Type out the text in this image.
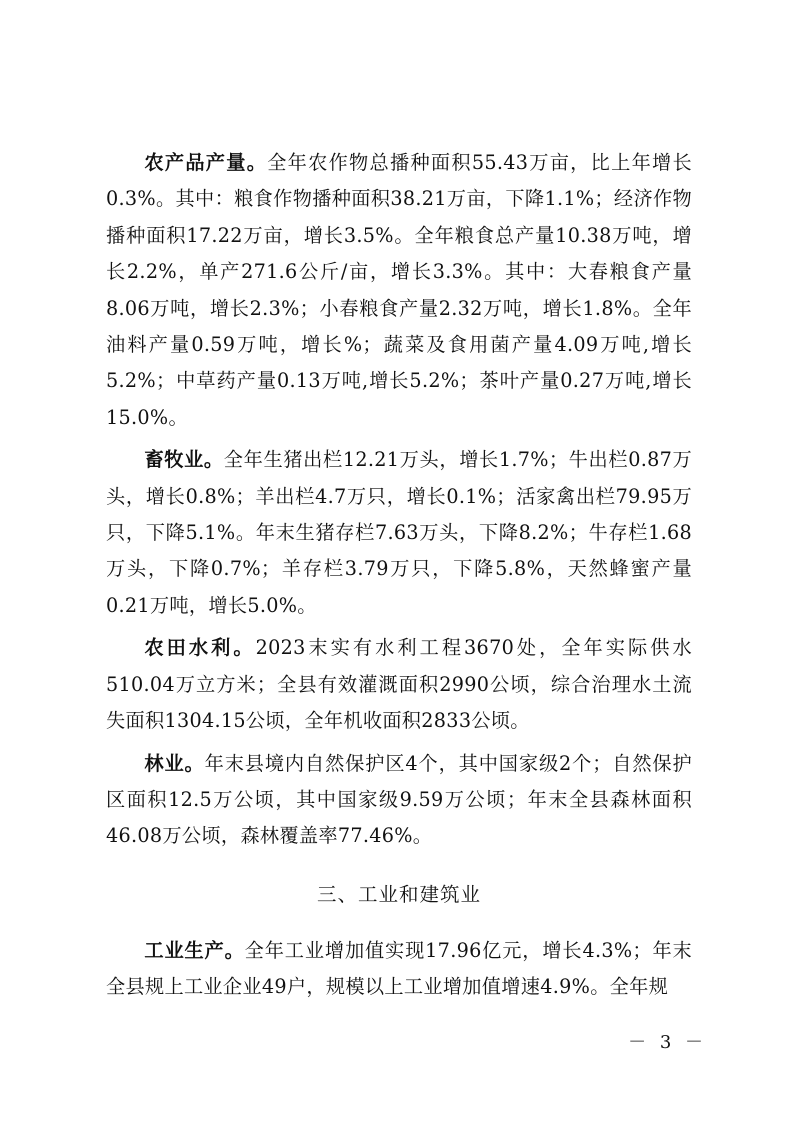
农产品产量。全年农作物总播种面积55.43万亩，比上年增长0.3%。其中：粮食作物播种面积38.21万亩，下降1.1%；经济作物播种面积17.22万亩，增长3.5%。全年粮食总产量10.38万吨，增长2.2%，单产271.6公斤/亩，增长3.3%。其中：大春粮食产量8.06万吨，增长2.3%；小春粮食产量2.32万吨，增长1.8%。全年油料产量0.59万吨，增长%；蔬菜及食用菌产量4.09万吨,增长5.2%；中草药产量0.13万吨,增长5.2%；茶叶产量0.27万吨,增长15.0%。

畜牧业。全年生猪出栏12.21万头，增长1.7%；牛出栏0.87万头，增长0.8%；羊出栏4.7万只，增长0.1%；活家禽出栏79.95万只，下降5.1%。年末生猪存栏7.63万头，下降8.2%；牛存栏1.68万头，下降0.7%；羊存栏3.79万只，下降5.8%，天然蜂蜜产量0.21万吨，增长5.0%。

农田水利。2023末实有水利工程3670处，全年实际供水510.04万立方米；全县有效灌溉面积2990公顷，综合治理水土流失面积1304.15公顷，全年机收面积2833公顷。

林业。年末县境内自然保护区4个，其中国家级2个；自然保护区面积12.5万公顷，其中国家级9.59万公顷；年末全县森林面积46.08万公顷，森林覆盖率77.46%。

三、工业和建筑业

工业生产。全年工业增加值实现17.96亿元，增长4.3%；年末全县规上工业企业49户，规模以上工业增加值增速4.9%。全年规

－ 3 －
